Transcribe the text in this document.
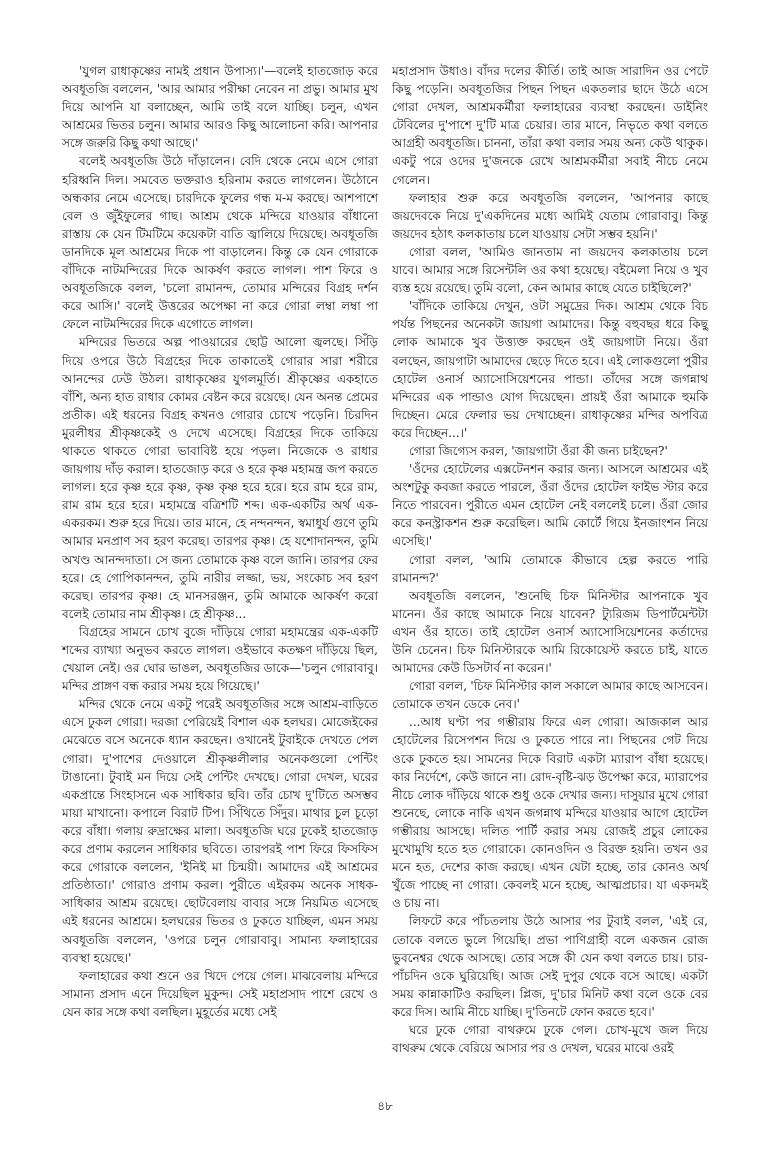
'যুগল রাধাকৃষ্ণের নামই প্রধান উপাস্য।'—বলেই হাতজোড় করে অবধূতজি বললেন, 'আর আমার পরীক্ষা নেবেন না প্রভু। আমার মুখ দিয়ে আপনি যা বলাচ্ছেন, আমি তাই বলে যাচ্ছি। চলুন, এখন আশ্রমের ভিতর চলুন। আমার আরও কিছু আলোচনা করি। আপনার সঙ্গে জরুরি কিছু কথা আছে।'

বলেই অবধূতজি উঠে দাঁড়ালেন। বেদি থেকে নেমে এসে গোরা হরিধ্বনি দিল। সমবেত ভক্তরাও হরিনাম করতে লাগলেন। উঠোনে অন্ধকার নেমে এসেছে। চারদিকে ফুলের গন্ধ ম-ম করছে। আশপাশে বেল ও জুঁইফুলের গাছ। আশ্রম থেকে মন্দিরে যাওয়ার বাঁধানো রাস্তায় কে যেন টিমটিমে কয়েকটা বাতি জ্বালিয়ে দিয়েছে। অবধূতজি ডানদিকে মূল আশ্রমের দিকে পা বাড়ালেন। কিন্তু কে যেন গোরাকে বাঁদিকে নাটমন্দিরের দিকে আকর্ষণ করতে লাগল। পাশ ফিরে ও অবধূতজিকে বলল, 'চলো রামানন্দ, তোমার মন্দিরের বিগ্রহ দর্শন করে আসি।' বলেই উত্তরের অপেক্ষা না করে গোরা লম্বা লম্বা পা ফেলে নাটমন্দিরের দিকে এগোতে লাগল।

মন্দিরের ভিতরে অল্প পাওয়ারের ছোট্ট আলো জ্বলছে। সিঁড়ি দিয়ে ওপরে উঠে বিগ্রহের দিকে তাকাতেই গোরার সারা শরীরে আনন্দের ঢেউ উঠল। রাধাকৃষ্ণের যুগলমূর্তি। শ্রীকৃষ্ণের একহাতে বাঁশি, অন্য হাত রাধার কোমর বেষ্টন করে রয়েছে। যেন অনন্ত প্রেমের প্রতীক। এই ধরনের বিগ্রহ কখনও গোরার চোখে পড়েনি। চিরদিন মুরলীধর শ্রীকৃষ্ণকেই ও দেখে এসেছে। বিগ্রহের দিকে তাকিয়ে থাকতে থাকতে গোরা ভাবাবিষ্ট হয়ে পড়ল। নিজেকে ও রাধার জায়গায় দাঁড় করাল। হাতজোড় করে ও হরে কৃষ্ণ মহামন্ত্র জপ করতে লাগল। হরে কৃষ্ণ হরে কৃষ্ণ, কৃষ্ণ কৃষ্ণ হরে হরে। হরে রাম হরে রাম, রাম রাম হরে হরে। মহামন্ত্রে বত্রিশটি শব্দ। এক-একটির অর্থ এক-একরকম। শুরু হরে দিয়ে। তার মানে, হে নন্দনন্দন, স্বমাধুর্য গুণে তুমি আমার মনপ্রাণ সব হরণ করেছ। তারপর কৃষ্ণ। হে যশোদানন্দন, তুমি অখণ্ড আনন্দদাতা। সে জন্য তোমাকে কৃষ্ণ বলে জানি। তারপর ফের হরে। হে গোপিকানন্দন, তুমি নারীর লজ্জা, ভয়, সংকোচ সব হরণ করেছ। তারপর কৃষ্ণ। হে মানসরঞ্জন, তুমি আমাকে আকর্ষণ করো বলেই তোমার নাম শ্রীকৃষ্ণ। হে শ্রীকৃষ্ণ...

বিগ্রহের সামনে চোখ বুজে দাঁড়িয়ে গোরা মহামন্ত্রের এক-একটি শব্দের ব্যাখ্যা অনুভব করতে লাগল। ওইভাবে কতক্ষণ দাঁড়িয়ে ছিল, খেয়াল নেই। ওর ঘোর ভাঙল, অবধূতজির ডাকে—'চলুন গোরাবাবু। মন্দির প্রাঙ্গণ বন্ধ করার সময় হয়ে গিয়েছে।'

মন্দির থেকে নেমে একটু পরেই অবধূতজির সঙ্গে আশ্রম-বাড়িতে এসে ঢুকল গোরা। দরজা পেরিয়েই বিশাল এক হলঘর। মোজেইকের মেঝেতে বসে অনেকে ধ্যান করছেন। ওখানেই টুবাইকে দেখতে পেল গোরা। দু'পাশের দেওয়ালে শ্রীকৃষ্ণলীলার অনেকগুলো পেন্টিং টাঙানো। টুবাই মন দিয়ে সেই পেন্টিং দেখছে। গোরা দেখল, ঘরের একপ্রান্তে সিংহাসনে এক সাধিকার ছবি। তাঁর চোখ দু'টিতে অসম্ভব মায়া মাখানো। কপালে বিরাট টিপ। সিঁথিতে সিঁদুর। মাথার চুল চূড়ো করে বাঁধা। গলায় রুদ্রাক্ষের মালা। অবধূতজি ঘরে ঢুকেই হাতজোড় করে প্রণাম করলেন সাধিকার ছবিতে। তারপরই পাশ ফিরে ফিসফিস করে গোরাকে বললেন, 'ইনিই মা চিন্ময়ী। আমাদের এই আশ্রমের প্রতিষ্ঠাতা।' গোরাও প্রণাম করল। পুরীতে এইরকম অনেক সাধক-সাধিকার আশ্রম রয়েছে। ছোটবেলায় বাবার সঙ্গে নিয়মিত এসেছে এই ধরনের আশ্রমে। হলঘরের ভিতর ও ঢুকতে যাচ্ছিল, এমন সময় অবধূতজি বললেন, 'ওপরে চলুন গোরাবাবু। সামান্য ফলাহারের ব্যবস্থা হয়েছে।'

ফলাহারের কথা শুনে ওর খিদে পেয়ে গেল। মাঝবেলায় মন্দিরে সামান্য প্রসাদ এনে দিয়েছিল মুকুন্দ। সেই মহাপ্রসাদ পাশে রেখে ও যেন কার সঙ্গে কথা বলছিল। মুহূর্তের মধ্যে সেই

মহাপ্রসাদ উধাও। বাঁদর দলের কীর্তি। তাই আজ সারাদিন ওর পেটে কিছু পড়েনি। অবধূতজির পিছন পিছন একতলার ছাদে উঠে এসে গোরা দেখল, আশ্রমকর্মীরা ফলাহারের ব্যবস্থা করছেন। ডাইনিং টেবিলের দু'পাশে দু'টি মাত্র চেয়ার। তার মানে, নিভৃতে কথা বলতে আগ্রহী অবধূতজি। চাননা, তাঁরা কথা বলার সময় অন্য কেউ থাকুক। একটু পরে ওদের দু'জনকে রেখে আশ্রমকর্মীরা সবাই নীচে নেমে গেলেন।

ফলাহার শুরু করে অবধূতজি বললেন, 'আপনার কাছে জয়দেবকে নিয়ে দু'একদিনের মধ্যে আমিই যেতাম গোরাবাবু। কিন্তু জয়দেব হঠাৎ কলকাতায় চলে যাওয়ায় সেটা সম্ভব হয়নি।'

গোরা বলল, 'আমিও জানতাম না জয়দেব কলকাতায় চলে যাবে। আমার সঙ্গে রিসেন্টলি ওর কথা হয়েছে। বইমেলা নিয়ে ও খুব ব্যস্ত হয়ে রয়েছে। তুমি বলো, কেন আমার কাছে যেতে চাইছিলে?'

'বাঁদিকে তাকিয়ে দেখুন, ওটা সমুদ্রের দিক। আশ্রম থেকে বিচ পর্যন্ত পিছনের অনেকটা জায়গা আমাদের। কিন্তু বহুবছর ধরে কিছু লোক আমাকে খুব উত্ত্যক্ত করছেন ওই জায়গাটা নিয়ে। ওঁরা বলছেন, জায়গাটা আমাদের ছেড়ে দিতে হবে। এই লোকগুলো পুরীর হোটেল ওনার্স অ্যাসোসিয়েশনের পান্ডা। তাঁদের সঙ্গে জগন্নাথ মন্দিরের এক পান্ডাও যোগ দিয়েছেন। প্রায়ই ওঁরা আমাকে হুমকি দিচ্ছেন। মেরে ফেলার ভয় দেখাচ্ছেন। রাধাকৃষ্ণের মন্দির অপবিত্র করে দিচ্ছেন...।'

গোরা জিগ্যেস করল, 'জায়গাটা ওঁরা কী জন্য চাইছেন?'

'ওঁদের হোটেলের এক্সটেনশন করার জন্য। আসলে আশ্রমের এই অংশটুকু কবজা করতে পারলে, ওঁরা ওঁদের হোটেল ফাইভ স্টার করে নিতে পারবেন। পুরীতে এমন হোটেল নেই বললেই চলে। ওঁরা জোর করে কনস্ট্রাকশন শুরু করেছিল। আমি কোর্টে গিয়ে ইনজাংশন নিয়ে এসেছি।'

গোরা বলল, 'আমি তোমাকে কীভাবে হেল্প করতে পারি রামানন্দ?'

অবধূতজি বললেন, 'শুনেছি চিফ মিনিস্টার আপনাকে খুব মানেন। ওঁর কাছে আমাকে নিয়ে যাবেন? ট্যুরিজম ডিপার্টমেন্টটা এখন ওঁর হাতে। তাই হোটেল ওনার্স অ্যাসোসিয়েশনের কর্তাদের উনি চেনেন। চিফ মিনিস্টারকে আমি রিকোয়েস্ট করতে চাই, যাতে আমাদের কেউ ডিসটার্ব না করেন।'

গোরা বলল, 'চিফ মিনিস্টার কাল সকালে আমার কাছে আসবেন। তোমাকে তখন ডেকে নেব।'

...আধ ঘণ্টা পর গম্ভীরায় ফিরে এল গোরা। আজকাল আর হোটেলের রিসেপশন দিয়ে ও ঢুকতে পারে না। পিছনের গেট দিয়ে ওকে ঢুকতে হয়। সামনের দিকে বিরাট একটা ম্যারাপ বাঁধা হয়েছে। কার নির্দেশে, কেউ জানে না। রোদ-বৃষ্টি-ঝড় উপেক্ষা করে, ম্যারাপের নীচে লোক দাঁড়িয়ে থাকে শুধু ওকে দেখার জন্য। দাসুয়ার মুখে গোরা শুনেছে, লোকে নাকি এখন জগন্নাথ মন্দিরে যাওয়ার আগে হোটেল গম্ভীরায় আসছে। দলিত পার্টি করার সময় রোজই প্রচুর লোকের মুখোমুখি হতে হত গোরাকে। কোনওদিন ও বিরক্ত হয়নি। তখন ওর মনে হত, দেশের কাজ করছে। এখন যেটা হচ্ছে, তার কোনও অর্থ খুঁজে পাচ্ছে না গোরা। কেবলই মনে হচ্ছে, আত্মপ্রচার। যা একদমই ও চায় না।

লিফটে করে পাঁচতলায় উঠে আসার পর টুবাই বলল, 'এই রে, তোকে বলতে ভুলে গিয়েছি। প্রভা পাণিগ্রাহী বলে একজন রোজ ভুবনেশ্বর থেকে আসছে। তোর সঙ্গে কী যেন কথা বলতে চায়। চার-পাঁচদিন ওকে ঘুরিয়েছি। আজ সেই দুপুর থেকে বসে আছে। একটা সময় কান্নাকাটিও করছিল। প্লিজ, দু'চার মিনিট কথা বলে ওকে বের করে দিস। আমি নীচে যাচ্ছি। দু'তিনটে ফোন করতে হবে।'

ঘরে ঢুকে গোরা বাথরুমে ঢুকে গেল। চোখ-মুখে জল দিয়ে বাথরুম থেকে বেরিয়ে আসার পর ও দেখল, ঘরের মাঝে ওরই

৪৮
